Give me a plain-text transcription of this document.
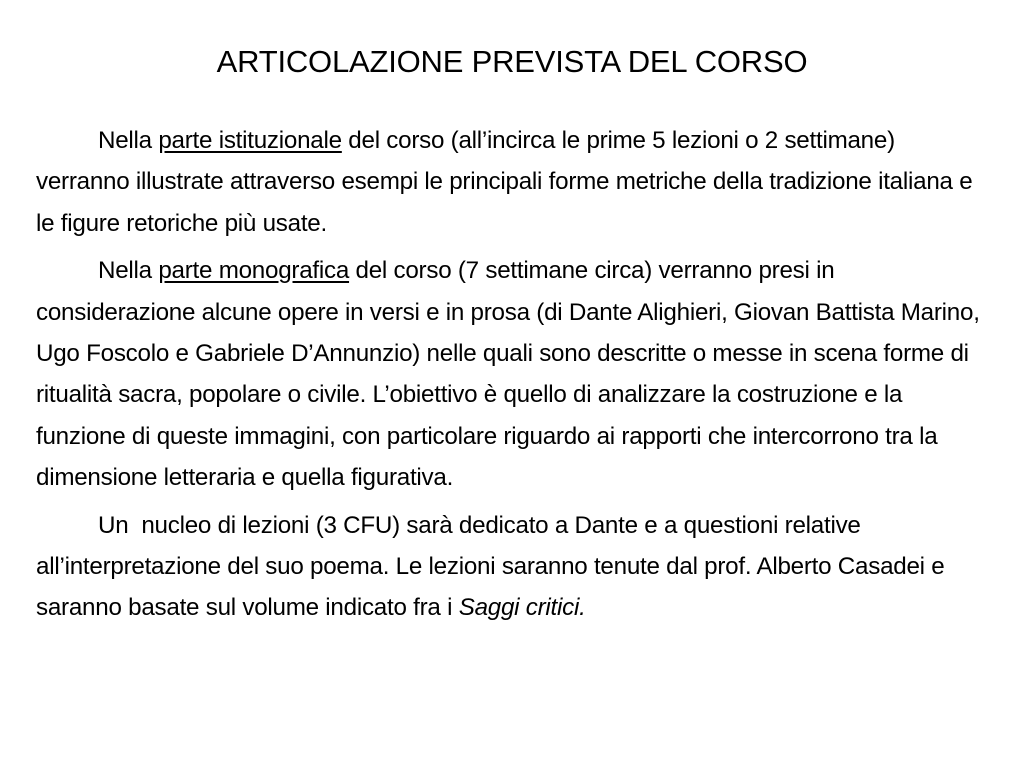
ARTICOLAZIONE PREVISTA DEL CORSO

Nella parte istituzionale del corso (all’incirca le prime 5 lezioni o 2 settimane) verranno illustrate attraverso esempi le principali forme metriche della tradizione italiana e le figure retoriche più usate.

Nella parte monografica del corso (7 settimane circa) verranno presi in considerazione alcune opere in versi e in prosa (di Dante Alighieri, Giovan Battista Marino, Ugo Foscolo e Gabriele D’Annunzio) nelle quali sono descritte o messe in scena forme di ritualità sacra, popolare o civile. L’obiettivo è quello di analizzare la costruzione e la funzione di queste immagini, con particolare riguardo ai rapporti che intercorrono tra la dimensione letteraria e quella figurativa.

Un  nucleo di lezioni (3 CFU) sarà dedicato a Dante e a questioni relative all’interpretazione del suo poema. Le lezioni saranno tenute dal prof. Alberto Casadei e saranno basate sul volume indicato fra i Saggi critici.
